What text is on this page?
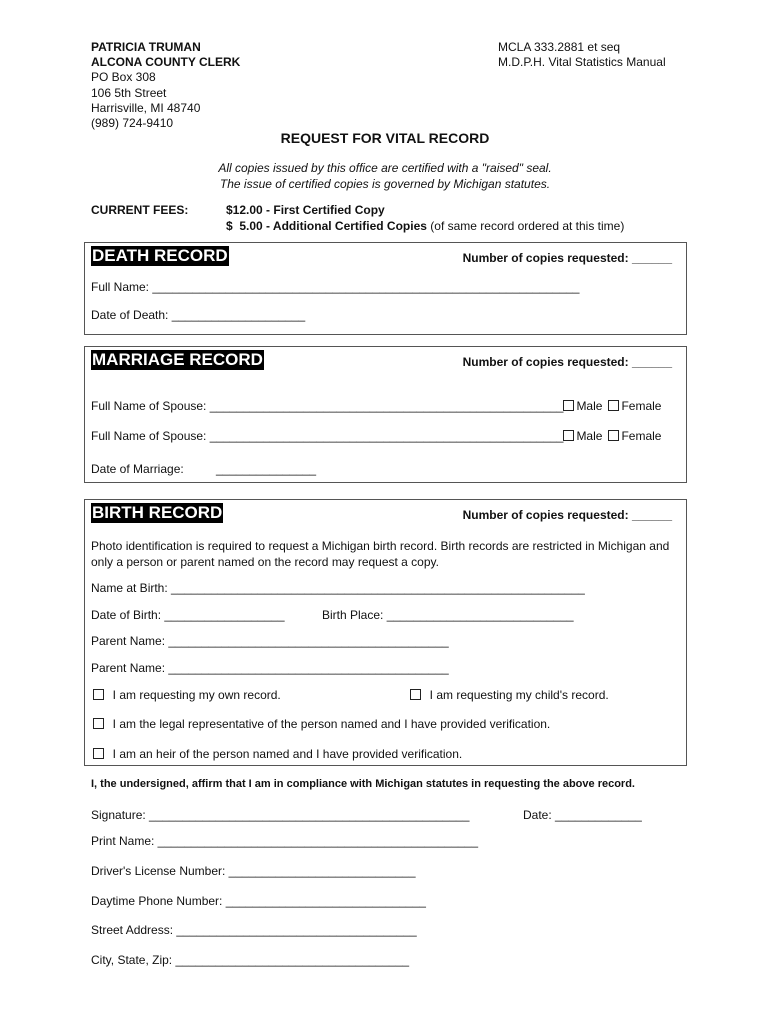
PATRICIA TRUMAN
ALCONA COUNTY CLERK
PO Box 308
106 5th Street
Harrisville, MI 48740
(989) 724-9410
MCLA 333.2881 et seq
M.D.P.H. Vital Statistics Manual
REQUEST FOR VITAL RECORD
All copies issued by this office are certified with a "raised" seal.
The issue of certified copies is governed by Michigan statutes.
CURRENT FEES:	$12.00 - First Certified Copy
$  5.00 - Additional Certified Copies (of same record ordered at this time)
DEATH RECORD	Number of copies requested: ______
Full Name: ________________________________________________________________
Date of Death: ____________________
MARRIAGE RECORD	Number of copies requested: ______
Full Name of Spouse: _____________________________________________________ Male Female
Full Name of Spouse: _____________________________________________________ Male Female
Date of Marriage:	_______________
BIRTH RECORD	Number of copies requested: ______
Photo identification is required to request a Michigan birth record. Birth records are restricted in Michigan and only a person or parent named on the record may request a copy.
Name at Birth: ______________________________________________________________
Date of Birth: __________________	Birth Place: ____________________________
Parent Name: __________________________________________
Parent Name: __________________________________________
I am requesting my own record.	I am requesting my child's record.
I am the legal representative of the person named and I have provided verification.
I am an heir of the person named and I have provided verification.
I, the undersigned, affirm that I am in compliance with Michigan statutes in requesting the above record.
Signature: ________________________________________________	Date: _____________
Print Name: ________________________________________________
Driver's License Number: ____________________________
Daytime Phone Number: ______________________________
Street Address: ____________________________________
City, State, Zip: ___________________________________
